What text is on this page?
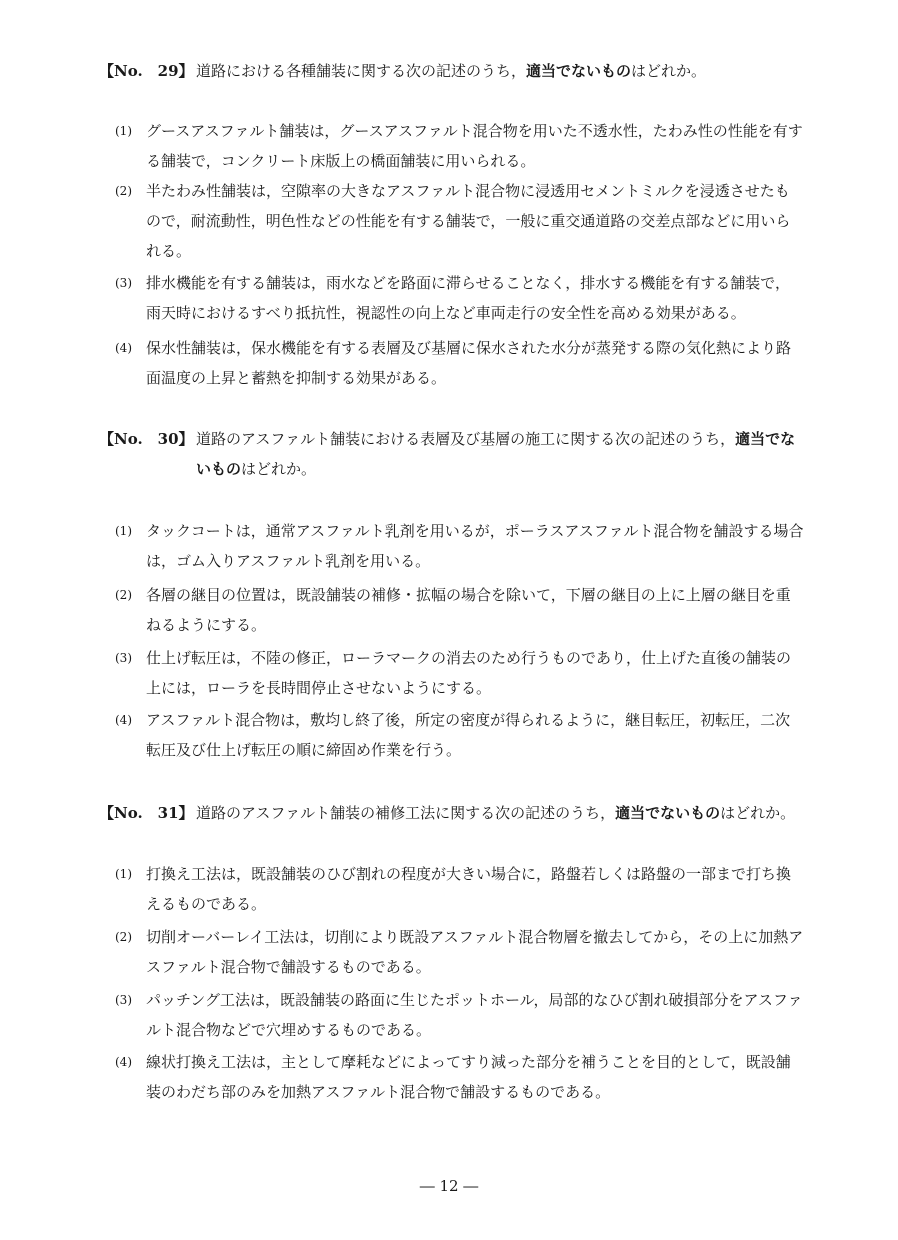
【No.　29】 道路における各種舗装に関する次の記述のうち，適当でないものはどれか。
(1) グースアスファルト舗装は，グースアスファルト混合物を用いた不透水性，たわみ性の性能を有する舗装で，コンクリート床版上の橋面舗装に用いられる。
(2) 半たわみ性舗装は，空隙率の大きなアスファルト混合物に浸透用セメントミルクを浸透させたもので，耐流動性，明色性などの性能を有する舗装で，一般に重交通道路の交差点部などに用いられる。
(3) 排水機能を有する舗装は，雨水などを路面に滞らせることなく，排水する機能を有する舗装で，雨天時におけるすべり抵抗性，視認性の向上など車両走行の安全性を高める効果がある。
(4) 保水性舗装は，保水機能を有する表層及び基層に保水された水分が蒸発する際の気化熱により路面温度の上昇と蓄熱を抑制する効果がある。
【No.　30】 道路のアスファルト舗装における表層及び基層の施工に関する次の記述のうち，適当でないものはどれか。
(1) タックコートは，通常アスファルト乳剤を用いるが，ポーラスアスファルト混合物を舗設する場合は，ゴム入りアスファルト乳剤を用いる。
(2) 各層の継目の位置は，既設舗装の補修・拡幅の場合を除いて，下層の継目の上に上層の継目を重ねるようにする。
(3) 仕上げ転圧は，不陸の修正，ローラマークの消去のため行うものであり，仕上げた直後の舗装の上には，ローラを長時間停止させないようにする。
(4) アスファルト混合物は，敷均し終了後，所定の密度が得られるように，継目転圧，初転圧，二次転圧及び仕上げ転圧の順に締固め作業を行う。
【No.　31】 道路のアスファルト舗装の補修工法に関する次の記述のうち，適当でないものはどれか。
(1) 打換え工法は，既設舗装のひび割れの程度が大きい場合に，路盤若しくは路盤の一部まで打ち換えるものである。
(2) 切削オーバーレイ工法は，切削により既設アスファルト混合物層を撤去してから，その上に加熱アスファルト混合物で舗設するものである。
(3) パッチング工法は，既設舗装の路面に生じたポットホール，局部的なひび割れ破損部分をアスファルト混合物などで穴埋めするものである。
(4) 線状打換え工法は，主として摩耗などによってすり減った部分を補うことを目的として，既設舗装のわだち部のみを加熱アスファルト混合物で舗設するものである。
― 12 ―
